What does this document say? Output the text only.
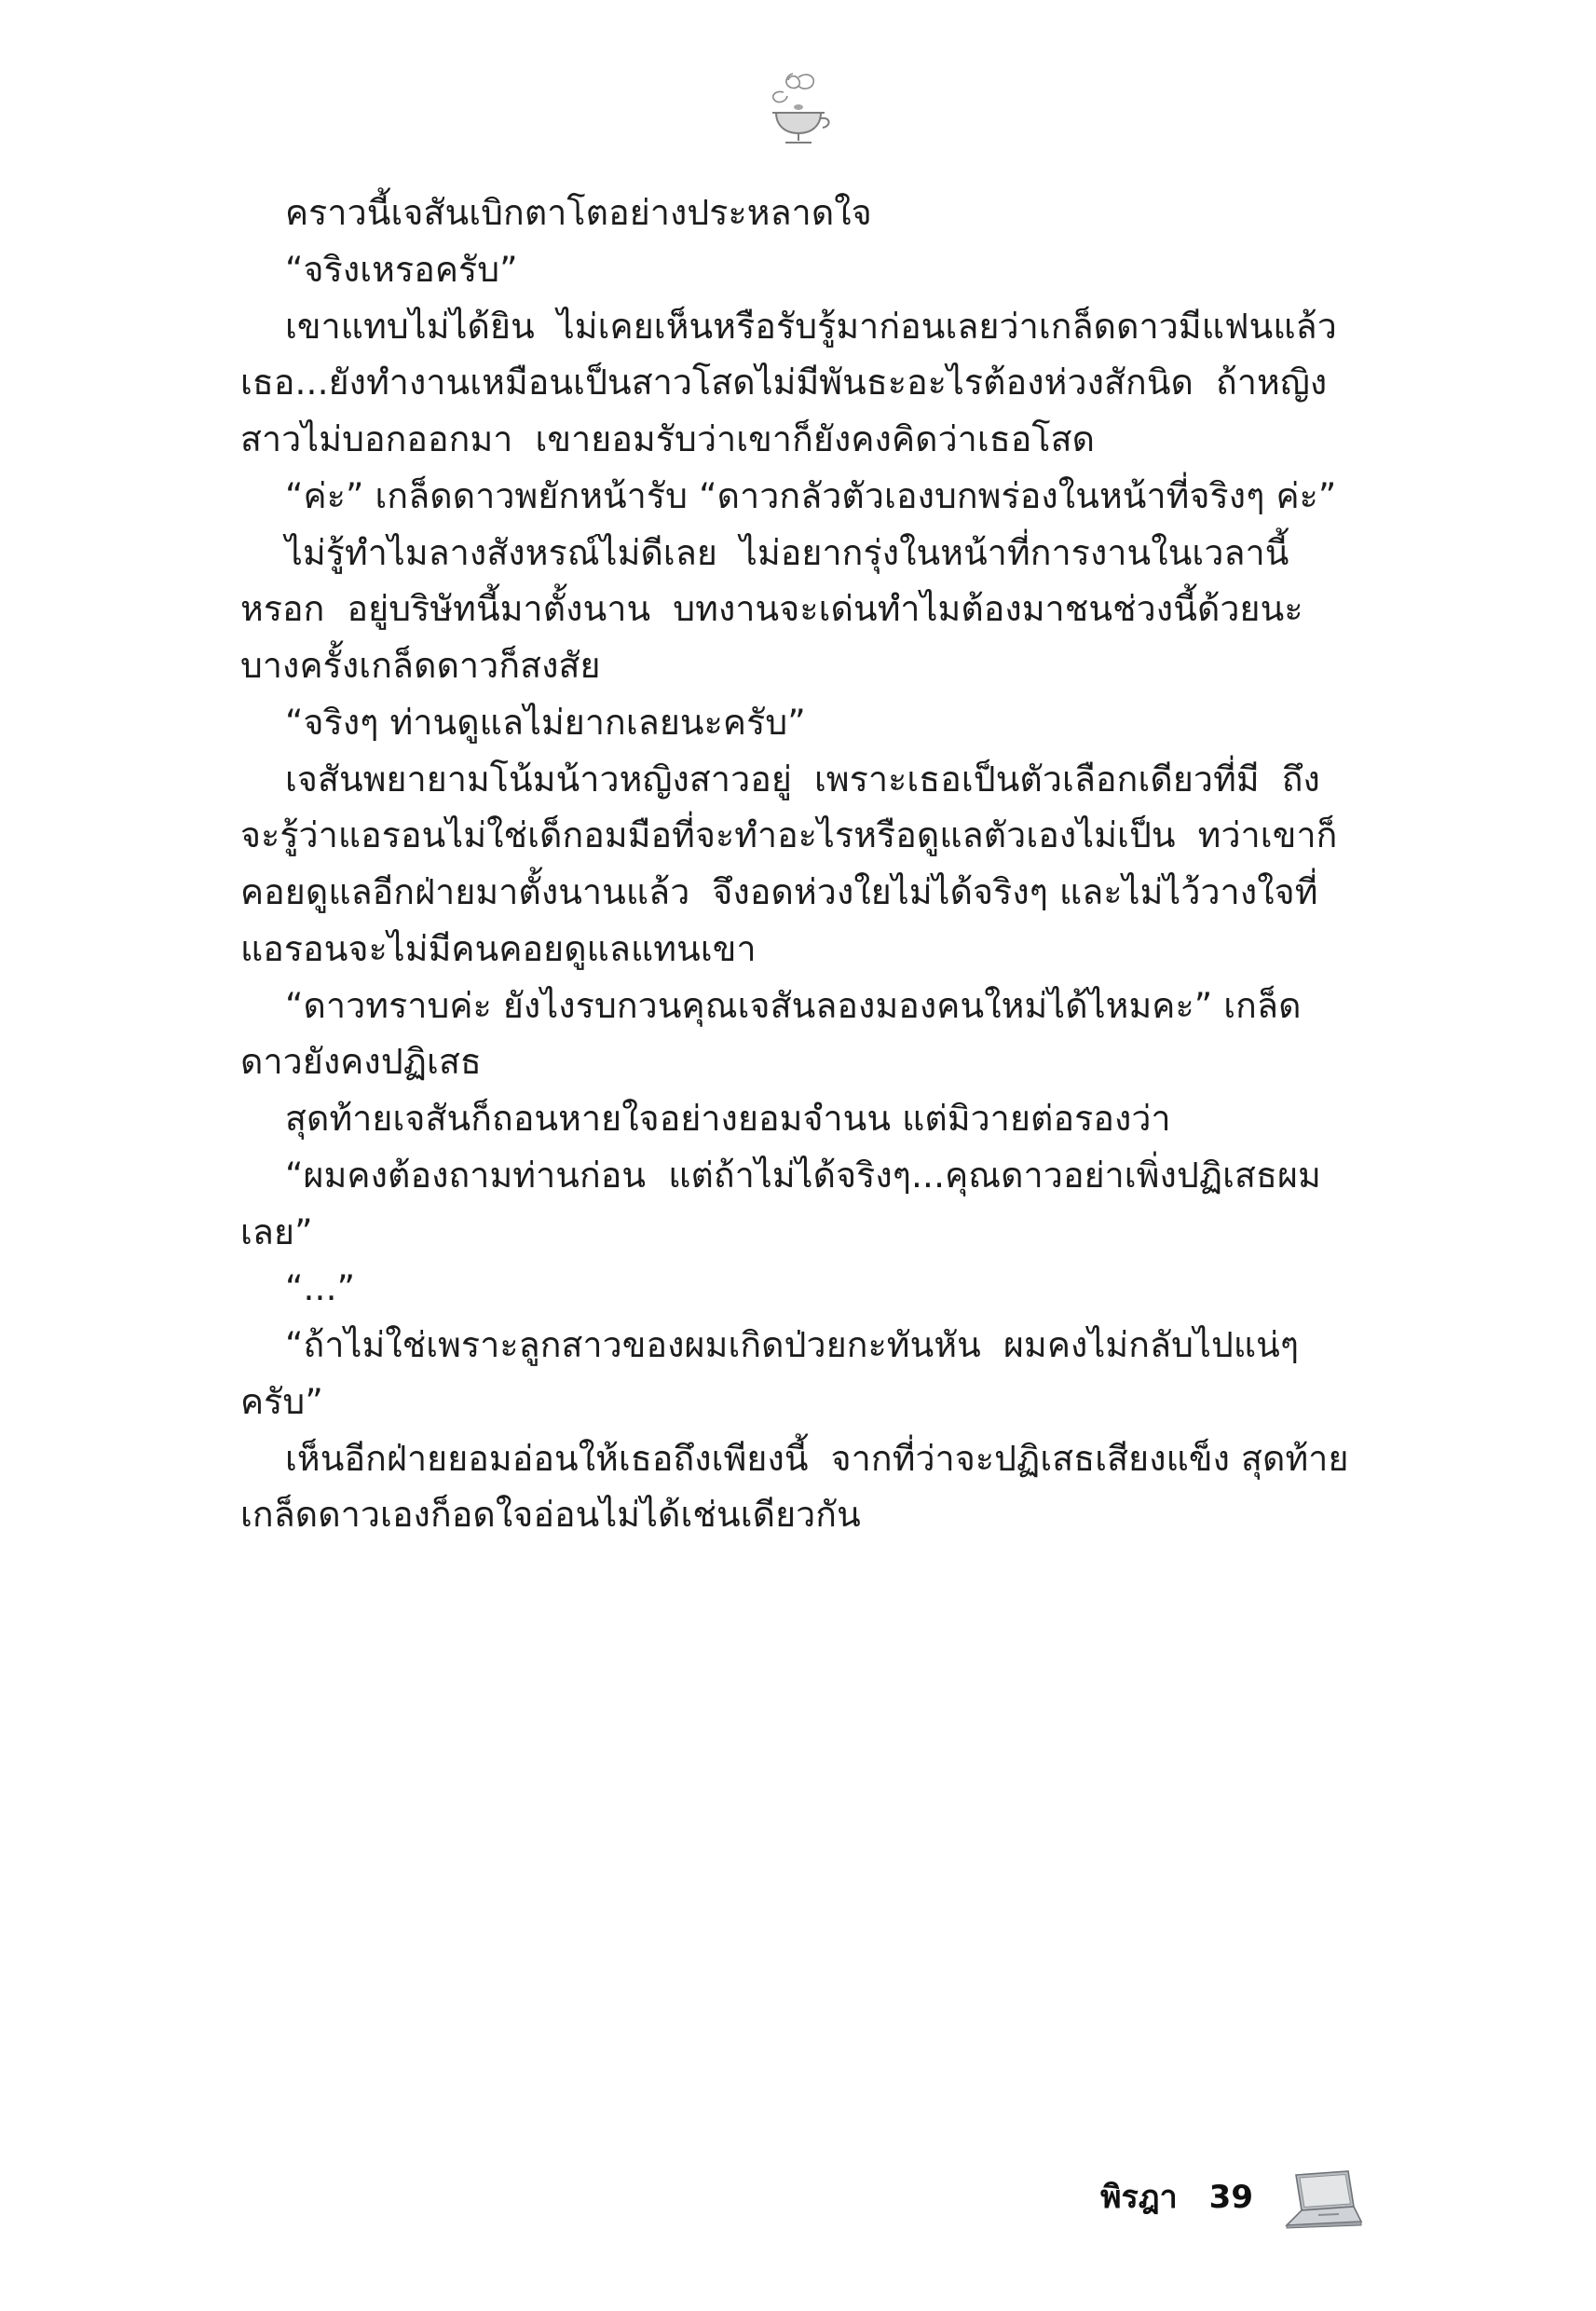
คราวนี้เจสันเบิกตาโตอย่างประหลาดใจ

“จริงเหรอครับ”

เขาแทบไม่ได้ยิน  ไม่เคยเห็นหรือรับรู้มาก่อนเลยว่าเกล็ดดาวมีแฟนแล้ว  เธอ...ยังทำงานเหมือนเป็นสาวโสดไม่มีพันธะอะไรต้องห่วงสักนิด  ถ้าหญิงสาวไม่บอกออกมา  เขายอมรับว่าเขาก็ยังคงคิดว่าเธอโสด

“ค่ะ” เกล็ดดาวพยักหน้ารับ “ดาวกลัวตัวเองบกพร่องในหน้าที่จริงๆ ค่ะ”

ไม่รู้ทำไมลางสังหรณ์ไม่ดีเลย  ไม่อยากรุ่งในหน้าที่การงานในเวลานี้หรอก  อยู่บริษัทนี้มาตั้งนาน  บทงานจะเด่นทำไมต้องมาชนช่วงนี้ด้วยนะ บางครั้งเกล็ดดาวก็สงสัย

“จริงๆ ท่านดูแลไม่ยากเลยนะครับ”

เจสันพยายามโน้มน้าวหญิงสาวอยู่  เพราะเธอเป็นตัวเลือกเดียวที่มี  ถึงจะรู้ว่าแอรอนไม่ใช่เด็กอมมือที่จะทำอะไรหรือดูแลตัวเองไม่เป็น  ทว่าเขาก็คอยดูแลอีกฝ่ายมาตั้งนานแล้ว  จึงอดห่วงใยไม่ได้จริงๆ และไม่ไว้วางใจที่แอรอนจะไม่มีคนคอยดูแลแทนเขา

“ดาวทราบค่ะ ยังไงรบกวนคุณเจสันลองมองคนใหม่ได้ไหมคะ” เกล็ดดาวยังคงปฏิเสธ

สุดท้ายเจสันก็ถอนหายใจอย่างยอมจำนน แต่มิวายต่อรองว่า

“ผมคงต้องถามท่านก่อน  แต่ถ้าไม่ได้จริงๆ...คุณดาวอย่าเพิ่งปฏิเสธผมเลย”

“...”

“ถ้าไม่ใช่เพราะลูกสาวของผมเกิดป่วยกะทันหัน  ผมคงไม่กลับไปแน่ๆ ครับ”

เห็นอีกฝ่ายยอมอ่อนให้เธอถึงเพียงนี้  จากที่ว่าจะปฏิเสธเสียงแข็ง สุดท้ายเกล็ดดาวเองก็อดใจอ่อนไม่ได้เช่นเดียวกัน

พิรฎา 39
